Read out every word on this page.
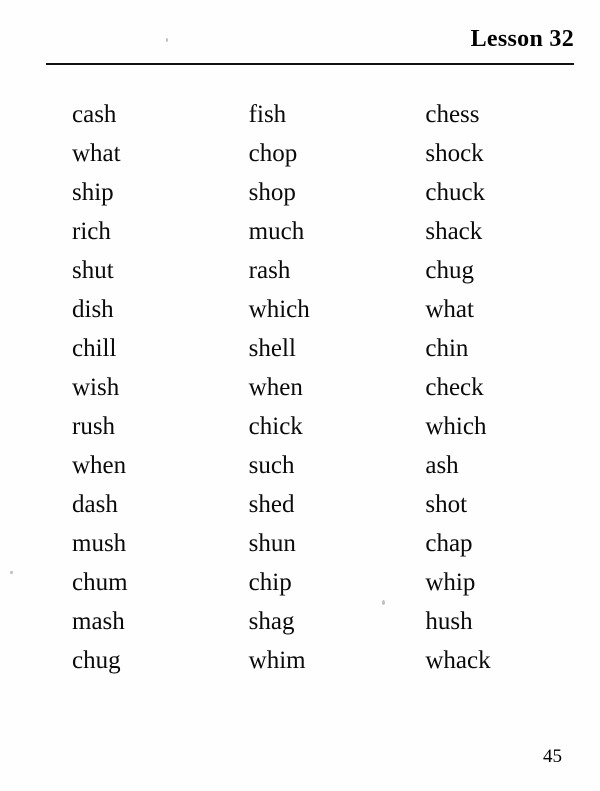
Lesson 32
cash
what
ship
rich
shut
dish
chill
wish
rush
when
dash
mush
chum
mash
chug
fish
chop
shop
much
rash
which
shell
when
chick
such
shed
shun
chip
shag
whim
chess
shock
chuck
shack
chug
what
chin
check
which
ash
shot
chap
whip
hush
whack
45
